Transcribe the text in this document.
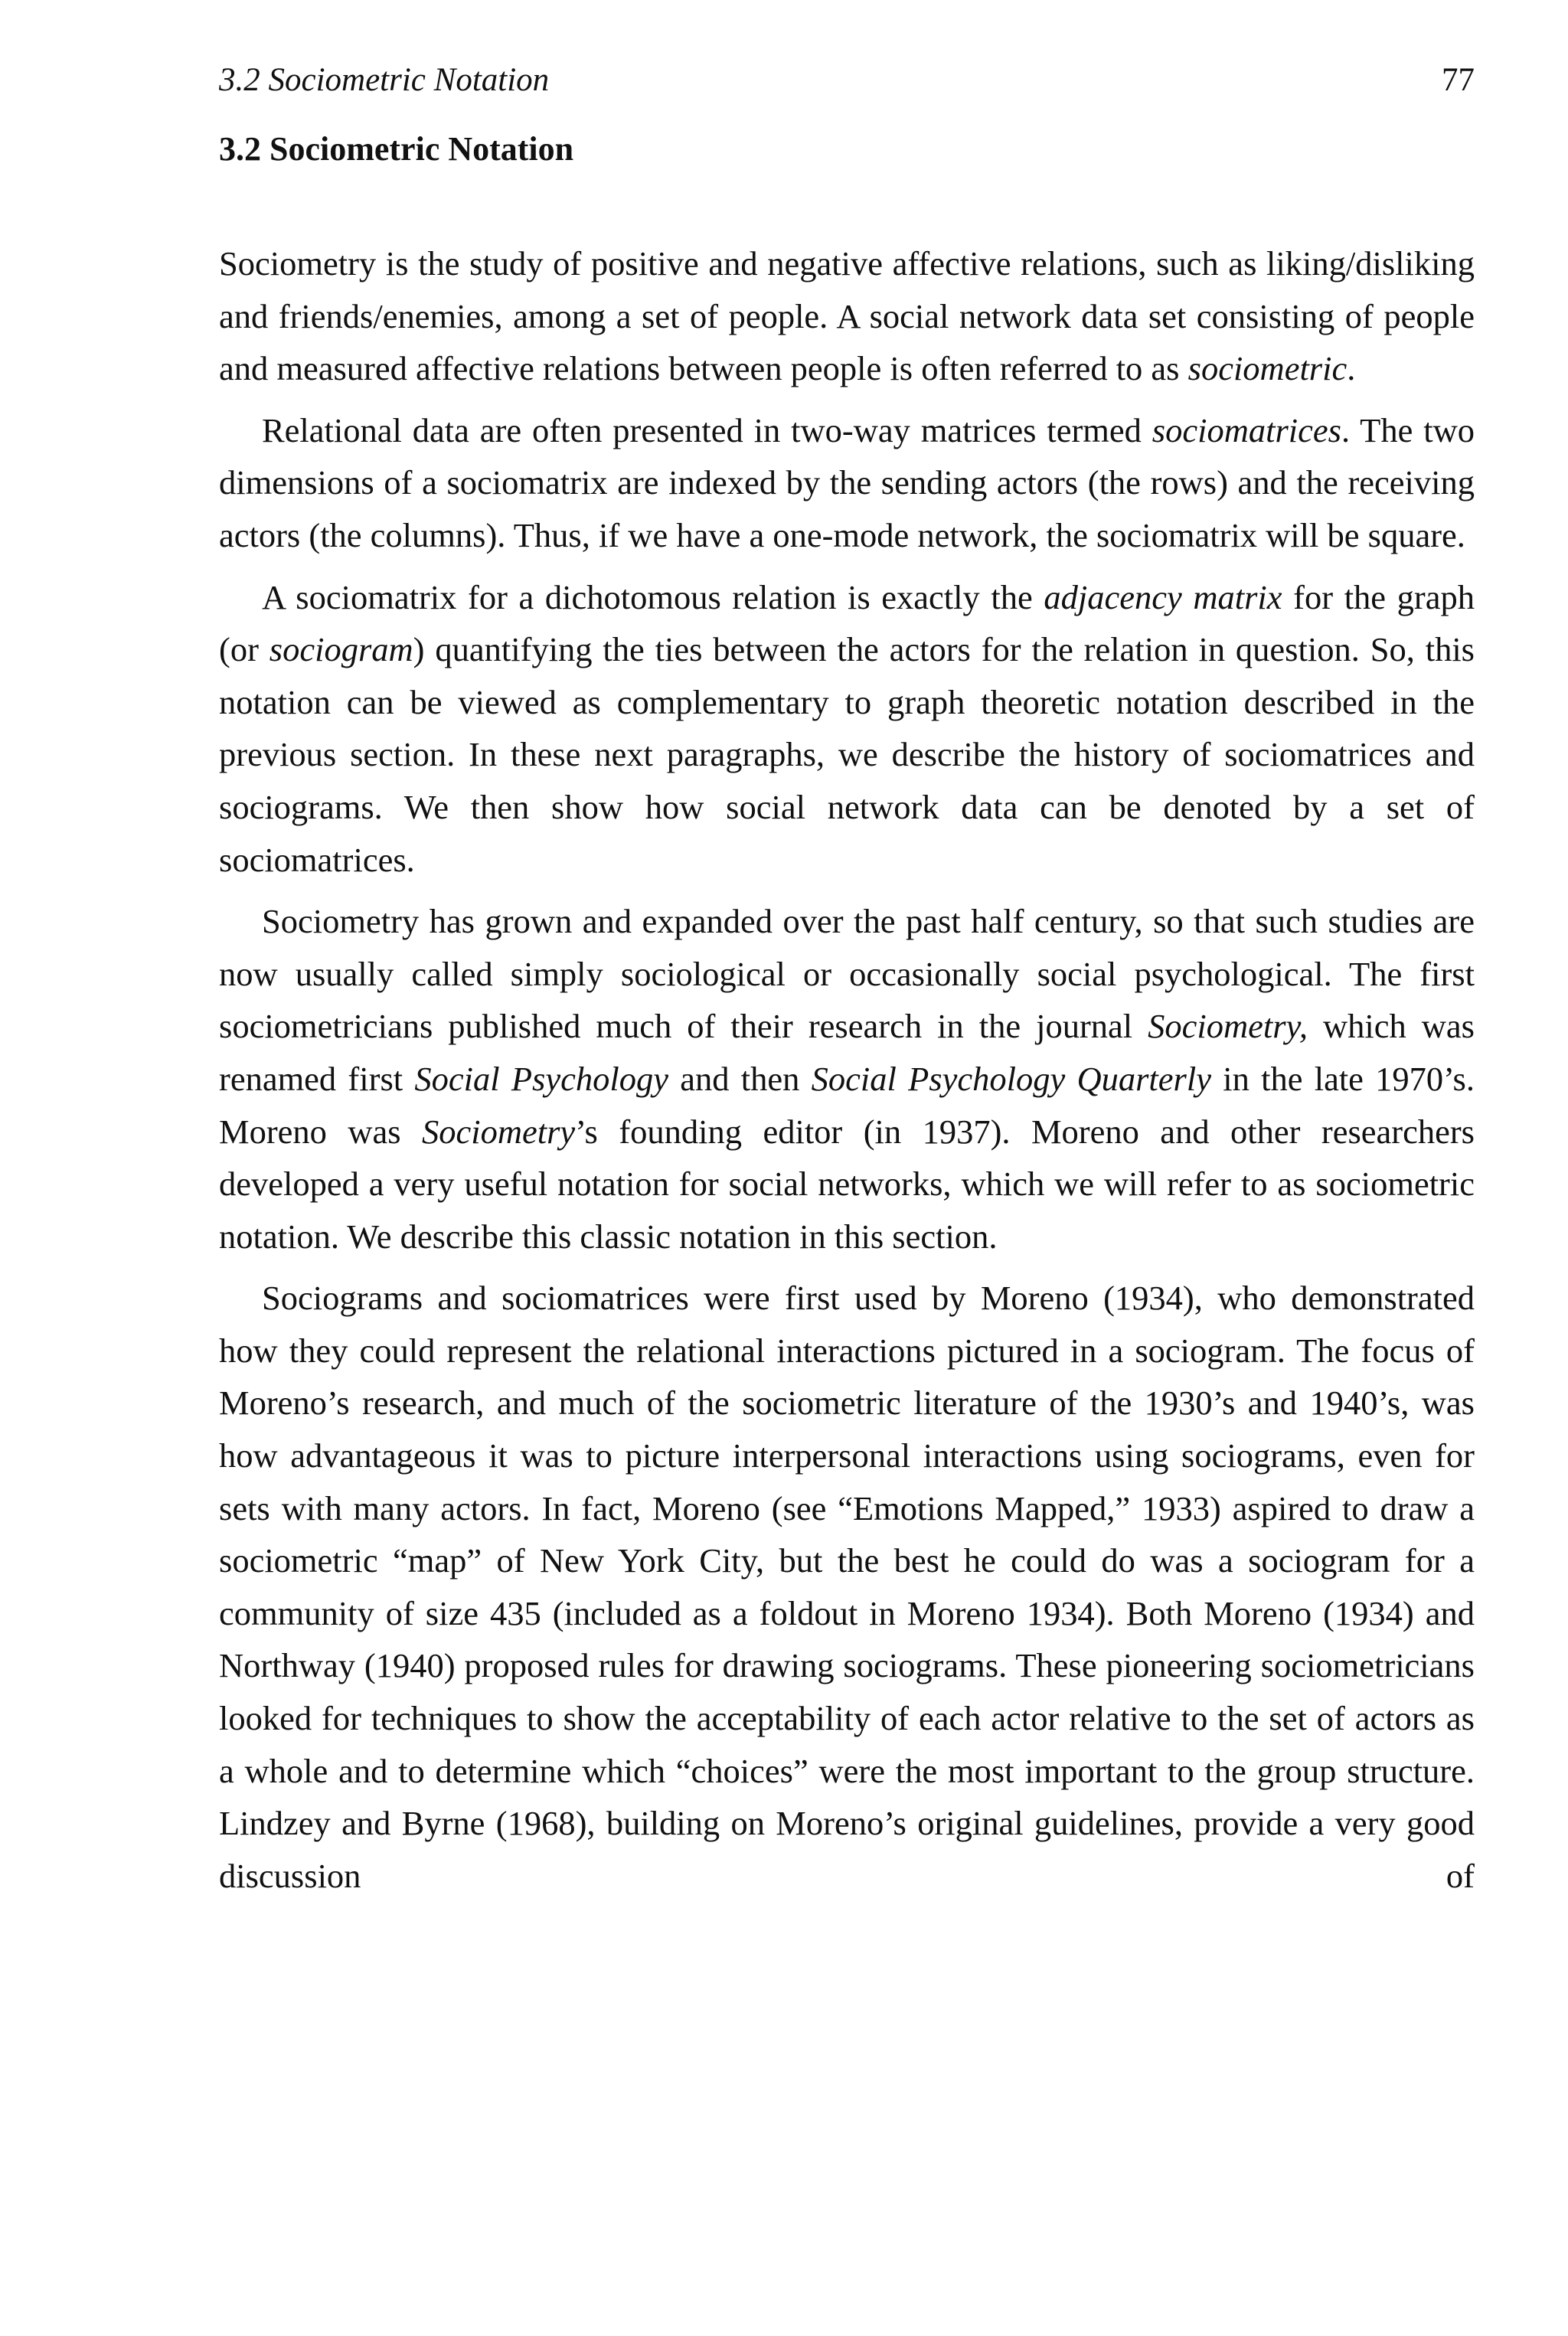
3.2 Sociometric Notation	77
3.2 Sociometric Notation

Sociometry is the study of positive and negative affective relations, such as liking/disliking and friends/enemies, among a set of people. A social network data set consisting of people and measured affective relations between people is often referred to as sociometric.

Relational data are often presented in two-way matrices termed sociomatrices. The two dimensions of a sociomatrix are indexed by the sending actors (the rows) and the receiving actors (the columns). Thus, if we have a one-mode network, the sociomatrix will be square.

A sociomatrix for a dichotomous relation is exactly the adjacency matrix for the graph (or sociogram) quantifying the ties between the actors for the relation in question. So, this notation can be viewed as complementary to graph theoretic notation described in the previous section. In these next paragraphs, we describe the history of sociomatrices and sociograms. We then show how social network data can be denoted by a set of sociomatrices.

Sociometry has grown and expanded over the past half century, so that such studies are now usually called simply sociological or occasionally social psychological. The first sociometricians published much of their research in the journal Sociometry, which was renamed first Social Psychology and then Social Psychology Quarterly in the late 1970’s. Moreno was Sociometry’s founding editor (in 1937). Moreno and other researchers developed a very useful notation for social networks, which we will refer to as sociometric notation. We describe this classic notation in this section.

Sociograms and sociomatrices were first used by Moreno (1934), who demonstrated how they could represent the relational interactions pictured in a sociogram. The focus of Moreno’s research, and much of the sociometric literature of the 1930’s and 1940’s, was how advantageous it was to picture interpersonal interactions using sociograms, even for sets with many actors. In fact, Moreno (see “Emotions Mapped,” 1933) aspired to draw a sociometric “map” of New York City, but the best he could do was a sociogram for a community of size 435 (included as a foldout in Moreno 1934). Both Moreno (1934) and Northway (1940) proposed rules for drawing sociograms. These pioneering sociometricians looked for techniques to show the acceptability of each actor relative to the set of actors as a whole and to determine which “choices” were the most important to the group structure. Lindzey and Byrne (1968), building on Moreno’s original guidelines, provide a very good discussion of
